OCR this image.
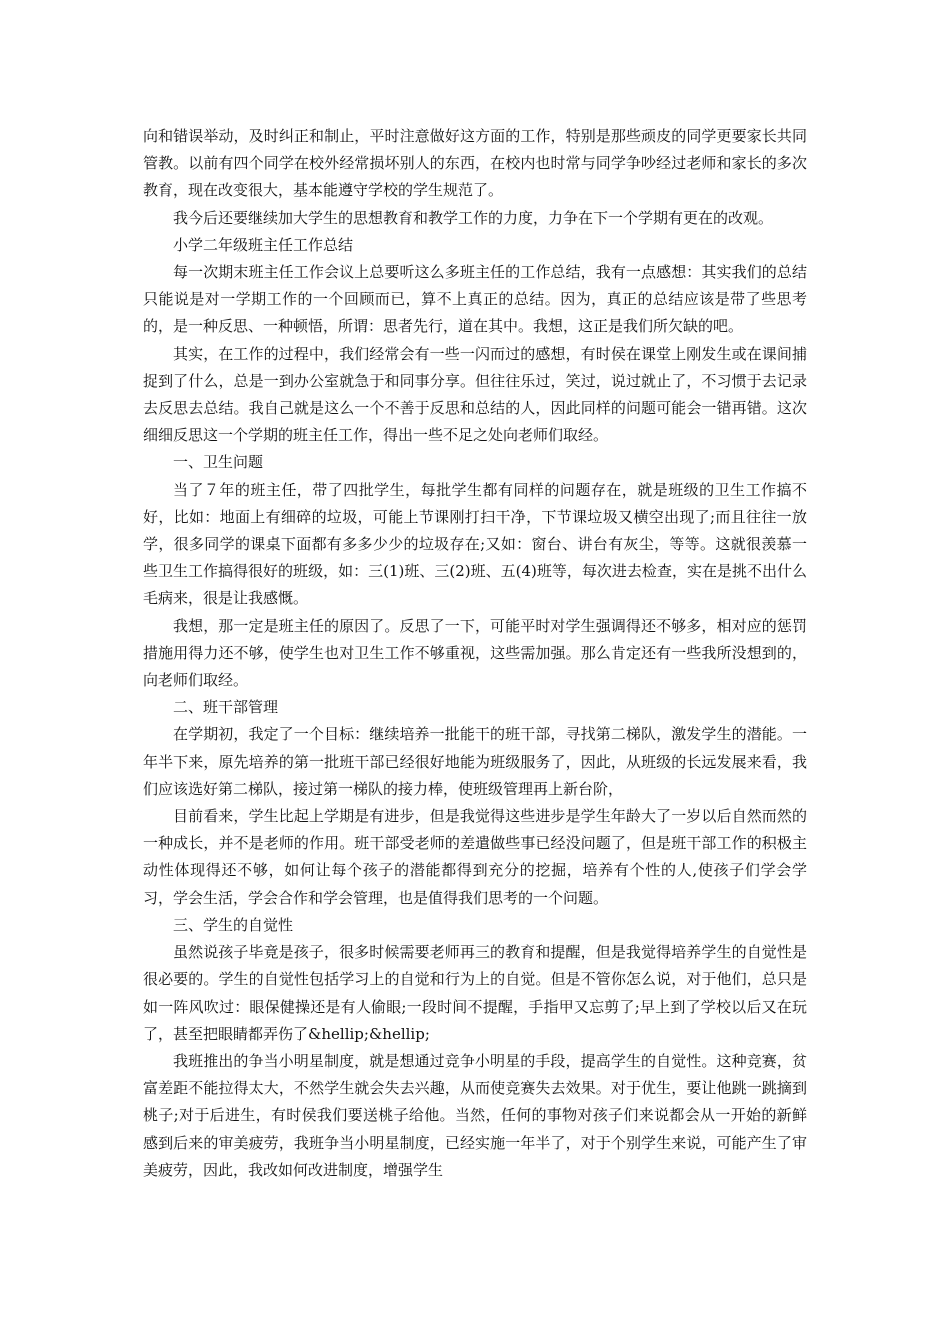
向和错误举动，及时纠正和制止，平时注意做好这方面的工作，特别是那些顽皮的同学更要家长共同管教。以前有四个同学在校外经常损坏别人的东西，在校内也时常与同学争吵经过老师和家长的多次教育，现在改变很大，基本能遵守学校的学生规范了。

我今后还要继续加大学生的思想教育和教学工作的力度，力争在下一个学期有更在的改观。

小学二年级班主任工作总结

每一次期末班主任工作会议上总要听这么多班主任的工作总结，我有一点感想：其实我们的总结只能说是对一学期工作的一个回顾而已，算不上真正的总结。因为，真正的总结应该是带了些思考的，是一种反思、一种顿悟，所谓：思者先行，道在其中。我想，这正是我们所欠缺的吧。

其实，在工作的过程中，我们经常会有一些一闪而过的感想，有时侯在课堂上刚发生或在课间捕捉到了什么，总是一到办公室就急于和同事分享。但往往乐过，笑过，说过就止了，不习惯于去记录去反思去总结。我自己就是这么一个不善于反思和总结的人，因此同样的问题可能会一错再错。这次细细反思这一个学期的班主任工作，得出一些不足之处向老师们取经。

一、卫生问题

当了７年的班主任，带了四批学生，每批学生都有同样的问题存在，就是班级的卫生工作搞不好，比如：地面上有细碎的垃圾，可能上节课刚打扫干净，下节课垃圾又横空出现了;而且往往一放学，很多同学的课桌下面都有多多少少的垃圾存在;又如：窗台、讲台有灰尘，等等。这就很羡慕一些卫生工作搞得很好的班级，如：三(1)班、三(2)班、五(4)班等，每次进去检查，实在是挑不出什么毛病来，很是让我感慨。

我想，那一定是班主任的原因了。反思了一下，可能平时对学生强调得还不够多，相对应的惩罚措施用得力还不够，使学生也对卫生工作不够重视，这些需加强。那么肯定还有一些我所没想到的，向老师们取经。

二、班干部管理

在学期初，我定了一个目标：继续培养一批能干的班干部，寻找第二梯队，激发学生的潜能。一年半下来，原先培养的第一批班干部已经很好地能为班级服务了，因此，从班级的长远发展来看，我们应该选好第二梯队，接过第一梯队的接力棒，使班级管理再上新台阶，

目前看来，学生比起上学期是有进步，但是我觉得这些进步是学生年龄大了一岁以后自然而然的一种成长，并不是老师的作用。班干部受老师的差遣做些事已经没问题了，但是班干部工作的积极主动性体现得还不够，如何让每个孩子的潜能都得到充分的挖掘，培养有个性的人,使孩子们学会学习，学会生活，学会合作和学会管理，也是值得我们思考的一个问题。

三、学生的自觉性

虽然说孩子毕竟是孩子，很多时候需要老师再三的教育和提醒，但是我觉得培养学生的自觉性是很必要的。学生的自觉性包括学习上的自觉和行为上的自觉。但是不管你怎么说，对于他们，总只是如一阵风吹过：眼保健操还是有人偷眼;一段时间不提醒，手指甲又忘剪了;早上到了学校以后又在玩了，甚至把眼睛都弄伤了&hellip;&hellip;

我班推出的争当小明星制度，就是想通过竞争小明星的手段，提高学生的自觉性。这种竞赛，贫富差距不能拉得太大，不然学生就会失去兴趣，从而使竞赛失去效果。对于优生，要让他跳一跳摘到桃子;对于后进生，有时侯我们要送桃子给他。当然，任何的事物对孩子们来说都会从一开始的新鲜感到后来的审美疲劳，我班争当小明星制度，已经实施一年半了，对于个别学生来说，可能产生了审美疲劳，因此，我改如何改进制度，增强学生
